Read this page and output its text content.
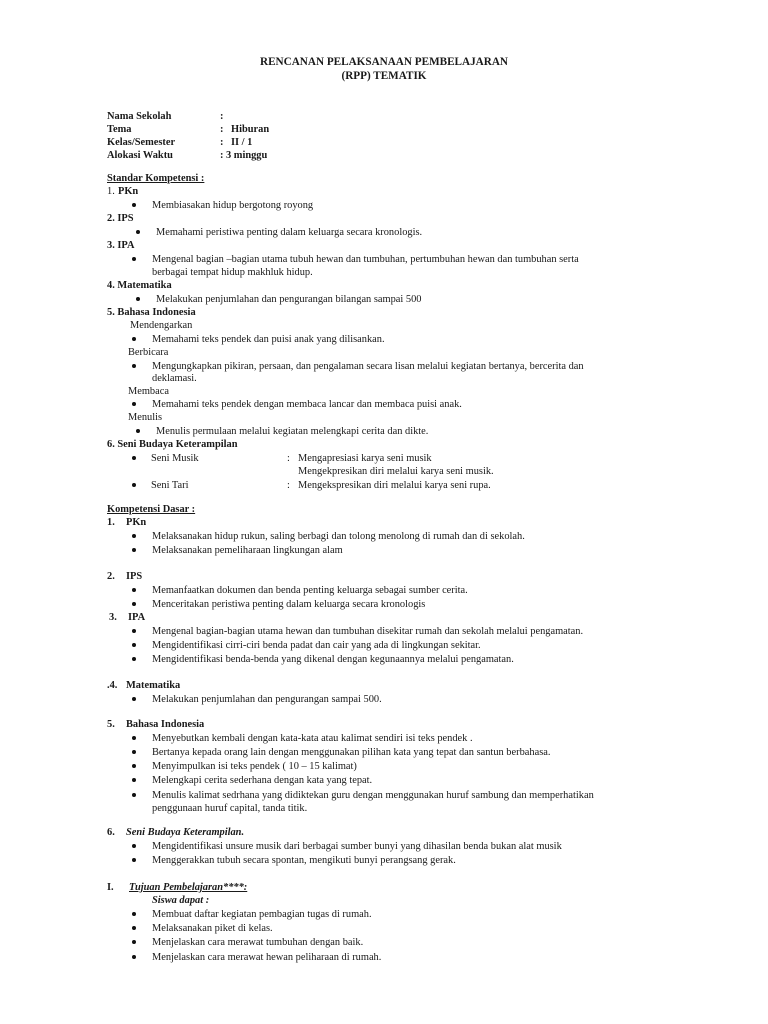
RENCANAN PELAKSANAAN PEMBELAJARAN
(RPP) TEMATIK
Nama Sekolah	:
Tema	: Hiburan
Kelas/Semester	: II / 1
Alokasi Waktu	: 3 minggu
Standar Kompetensi :
1. PKn
Membiasakan hidup bergotong royong
2. IPS
Memahami peristiwa penting dalam keluarga secara kronologis.
3. IPA
Mengenal bagian –bagian utama tubuh hewan dan tumbuhan, pertumbuhan hewan dan tumbuhan serta
berbagai tempat hidup makhluk hidup.
4. Matematika
Melakukan penjumlahan dan pengurangan bilangan sampai 500
5. Bahasa Indonesia
Mendengarkan
Memahami teks pendek dan puisi anak yang dilisankan.
Berbicara
Mengungkapkan pikiran, persaan, dan pengalaman secara lisan melalui kegiatan bertanya, bercerita dan
deklamasi.
Membaca
Memahami teks pendek dengan membaca lancar dan membaca puisi anak.
Menulis
Menulis permulaan melalui kegiatan melengkapi cerita dan dikte.
6. Seni Budaya Keterampilan
Seni Musik	: Mengapresiasi karya seni musik
Mengekpresikan diri melalui karya seni musik.
Seni Tari	: Mengekspresikan diri melalui karya seni rupa.
Kompetensi Dasar :
1. PKn
Melaksanakan hidup rukun, saling berbagi dan tolong menolong di rumah dan di sekolah.
Melaksanakan pemeliharaan lingkungan alam
2. IPS
Memanfaatkan dokumen dan benda penting keluarga sebagai sumber cerita.
Menceritakan peristiwa penting dalam keluarga secara kronologis
3. IPA
Mengenal bagian-bagian utama hewan dan tumbuhan disekitar rumah dan sekolah melalui pengamatan.
Mengidentifikasi cirri-ciri benda padat dan cair yang ada di lingkungan sekitar.
Mengidentifikasi benda-benda yang dikenal dengan kegunaannya melalui pengamatan.
.4. Matematika
Melakukan penjumlahan dan pengurangan sampai 500.
5. Bahasa Indonesia
Menyebutkan kembali dengan kata-kata atau kalimat sendiri isi teks pendek .
Bertanya kepada orang lain dengan menggunakan pilihan kata yang tepat dan santun berbahasa.
Menyimpulkan isi teks pendek ( 10 – 15 kalimat)
Melengkapi cerita sederhana dengan kata yang tepat.
Menulis kalimat sedrhana yang didiktekan guru dengan menggunakan huruf sambung dan memperhatikan
penggunaan huruf capital, tanda titik.
6. Seni Budaya Keterampilan.
Mengidentifikasi unsure musik dari berbagai sumber bunyi yang dihasilan benda bukan alat musik
Menggerakkan tubuh secara spontan, mengikuti bunyi perangsang gerak.
I. Tujuan Pembelajaran****:
Siswa dapat :
Membuat daftar kegiatan pembagian tugas di rumah.
Melaksanakan piket di kelas.
Menjelaskan cara merawat tumbuhan dengan baik.
Menjelaskan cara merawat hewan peliharaan di rumah.
